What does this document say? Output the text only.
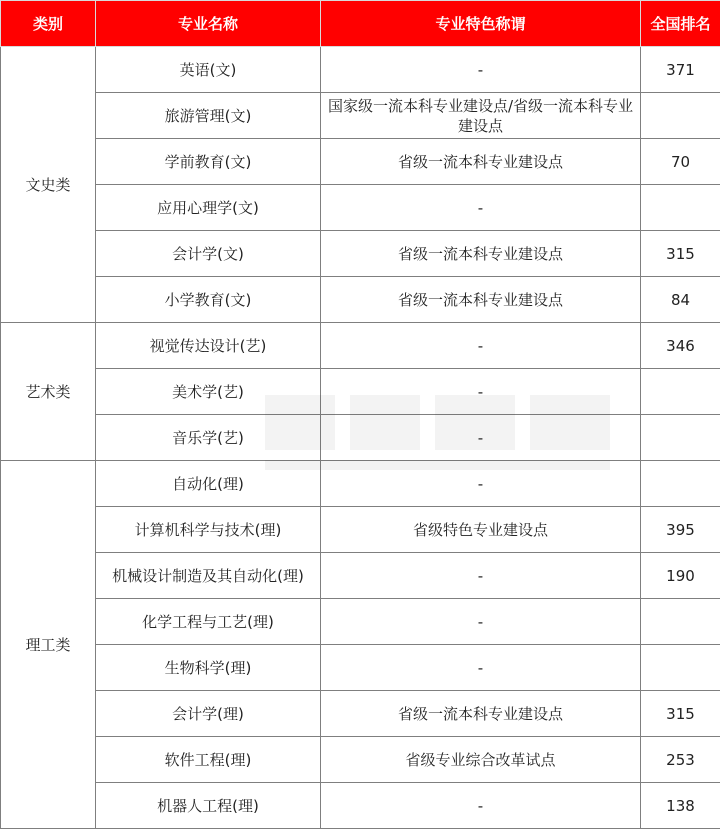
类别	专业名称	专业特色称谓	全国排名
文史类	英语(文)	-	371
	旅游管理(文)	国家级一流本科专业建设点/省级一流本科专业建设点	
	学前教育(文)	省级一流本科专业建设点	70
	应用心理学(文)	-	
	会计学(文)	省级一流本科专业建设点	315
	小学教育(文)	省级一流本科专业建设点	84
艺术类	视觉传达设计(艺)	-	346
	美术学(艺)	-	
	音乐学(艺)	-	
理工类	自动化(理)	-	
	计算机科学与技术(理)	省级特色专业建设点	395
	机械设计制造及其自动化(理)	-	190
	化学工程与工艺(理)	-	
	生物科学(理)	-	
	会计学(理)	省级一流本科专业建设点	315
	软件工程(理)	省级专业综合改革试点	253
	机器人工程(理)	-	138
